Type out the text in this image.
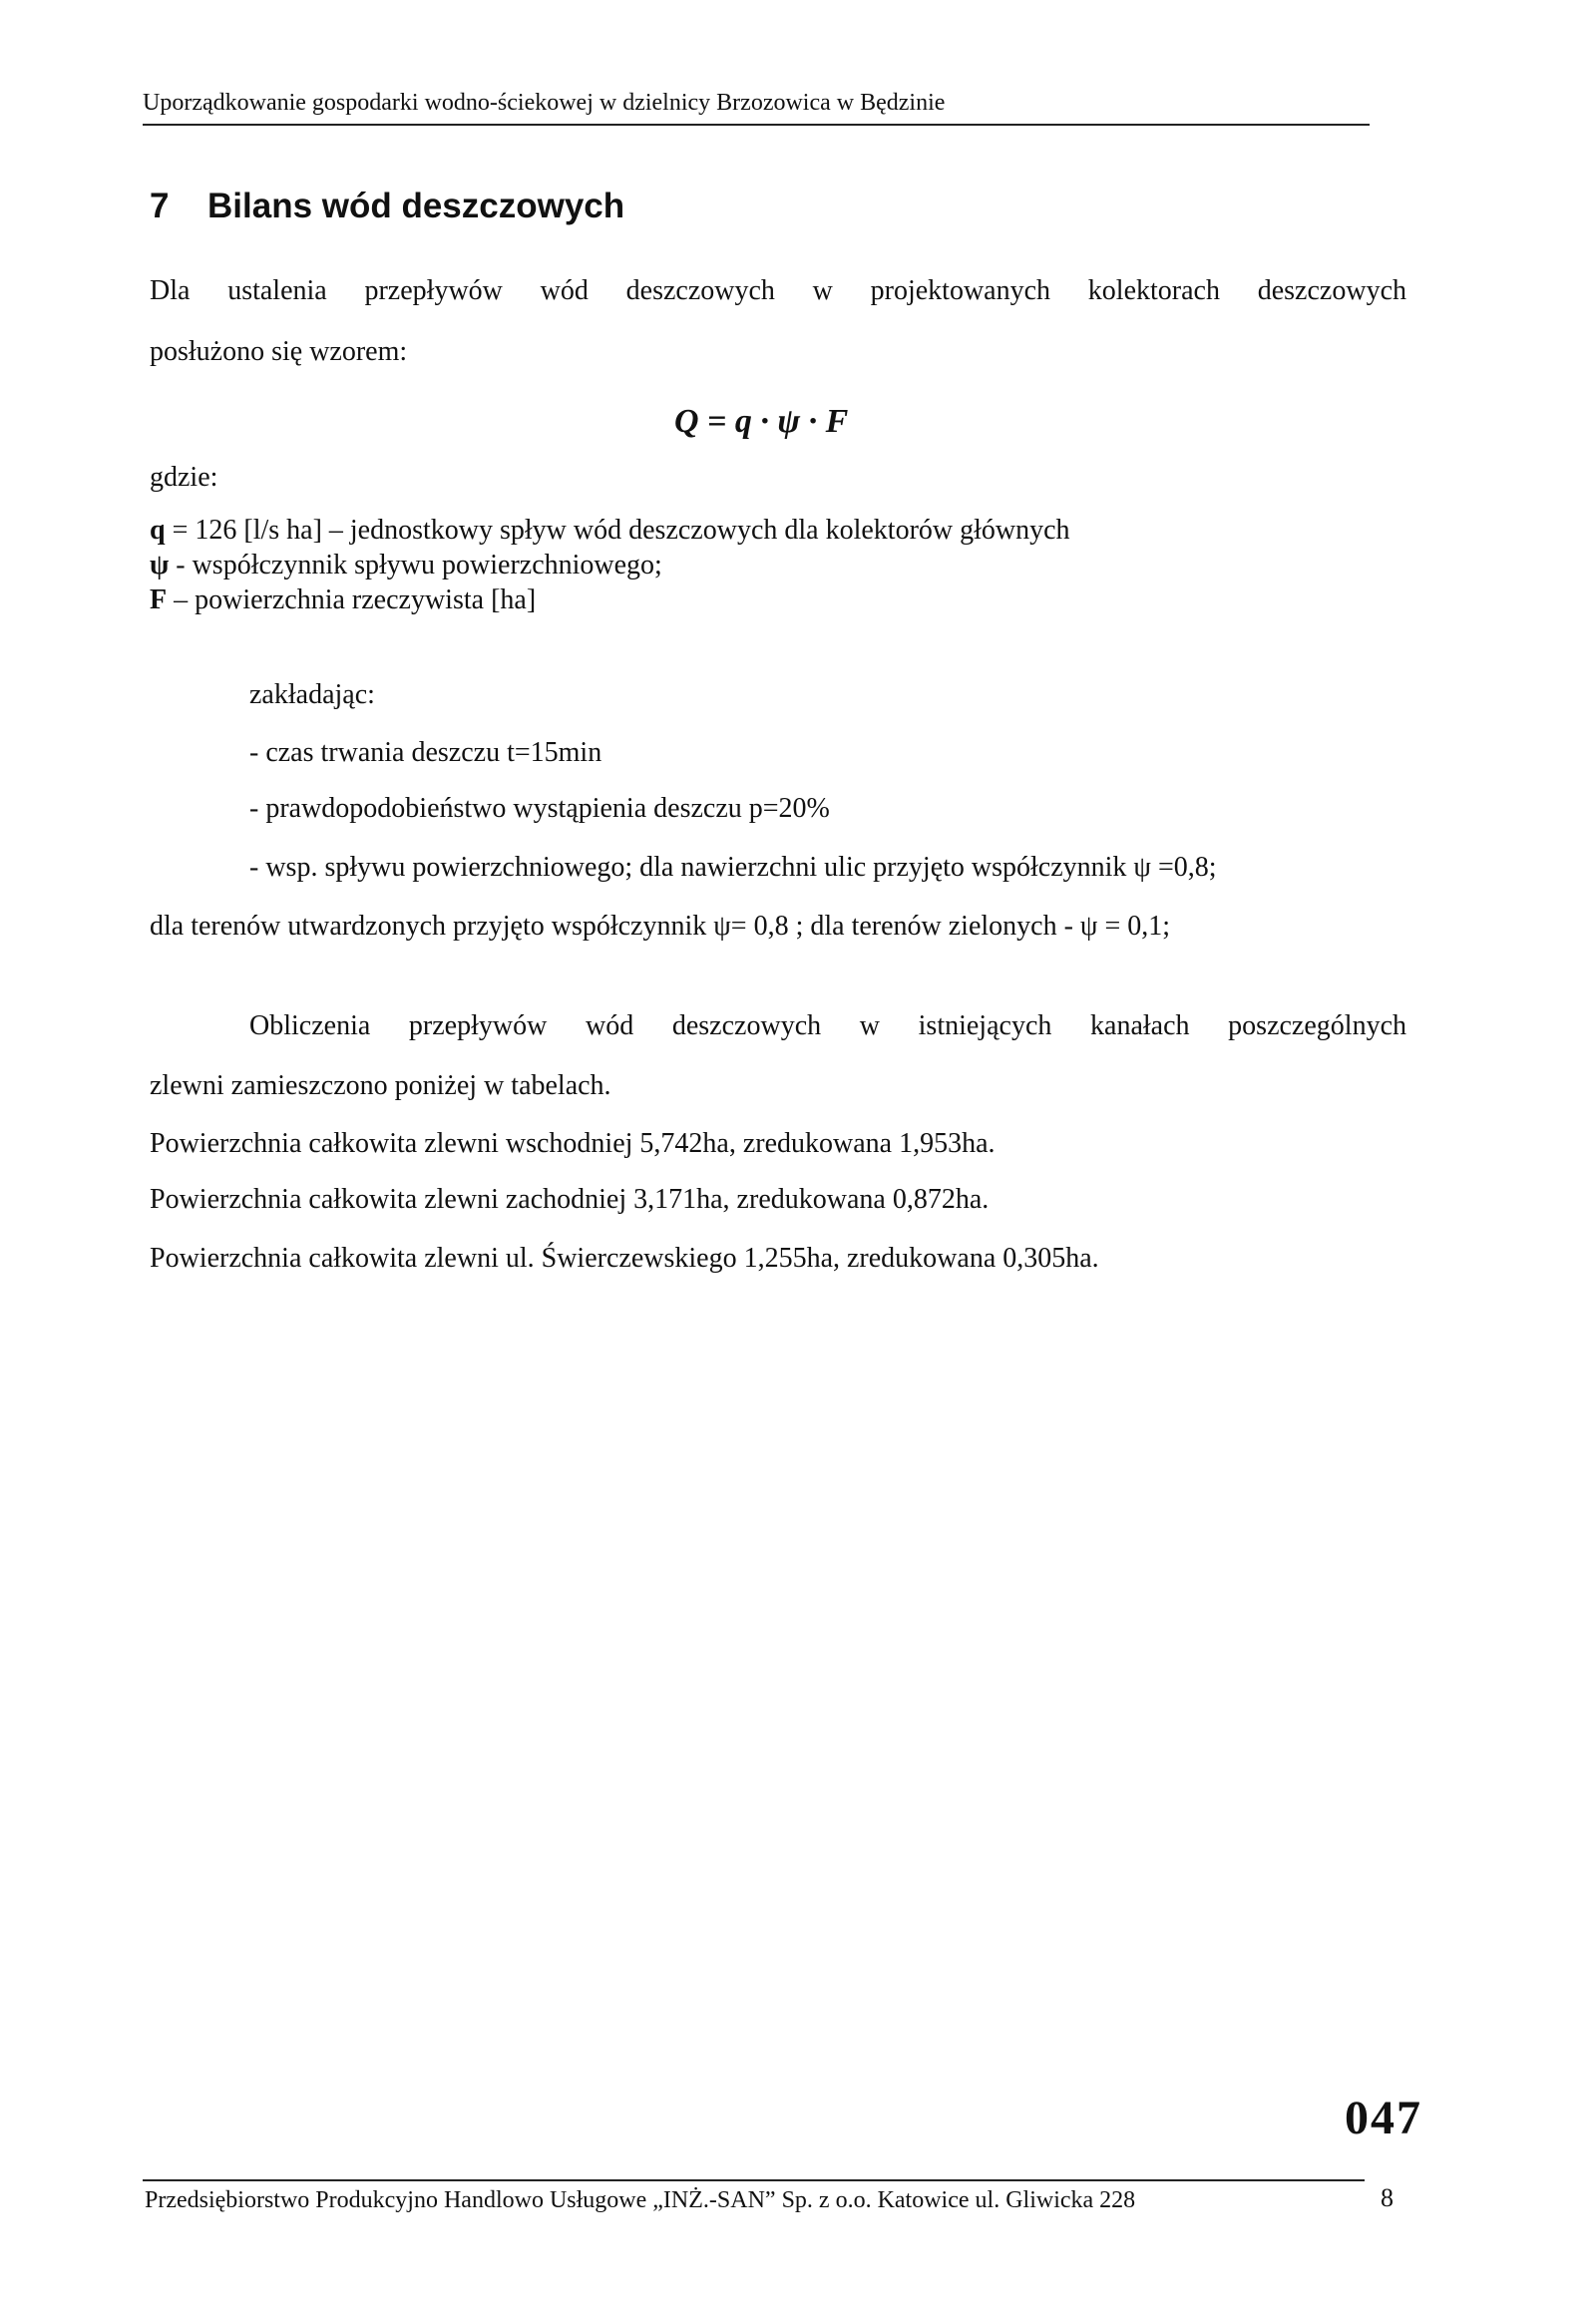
Uporządkowanie gospodarki wodno-ściekowej w dzielnicy Brzozowica w Będzinie
7 Bilans wód deszczowych
Dla ustalenia przepływów wód deszczowych w projektowanych kolektorach deszczowych
posłużono się wzorem:
Q = q · ψ · F
gdzie:
q = 126 [l/s ha] – jednostkowy spływ wód deszczowych dla kolektorów głównych
ψ - współczynnik spływu powierzchniowego;
F – powierzchnia rzeczywista [ha]
zakładając:
- czas trwania deszczu t=15min
- prawdopodobieństwo wystąpienia deszczu p=20%
- wsp. spływu powierzchniowego; dla nawierzchni ulic przyjęto współczynnik ψ =0,8;
dla terenów utwardzonych przyjęto współczynnik ψ= 0,8 ; dla terenów zielonych - ψ = 0,1;
Obliczenia przepływów wód deszczowych w istniejących kanałach poszczególnych
zlewni zamieszczono poniżej w tabelach.
Powierzchnia całkowita zlewni wschodniej 5,742ha, zredukowana 1,953ha.
Powierzchnia całkowita zlewni zachodniej 3,171ha, zredukowana 0,872ha.
Powierzchnia całkowita zlewni ul. Świerczewskiego 1,255ha, zredukowana 0,305ha.
047
Przedsiębiorstwo Produkcyjno Handlowo Usługowe „INŻ.-SAN” Sp. z o.o. Katowice ul. Gliwicka 228	8
